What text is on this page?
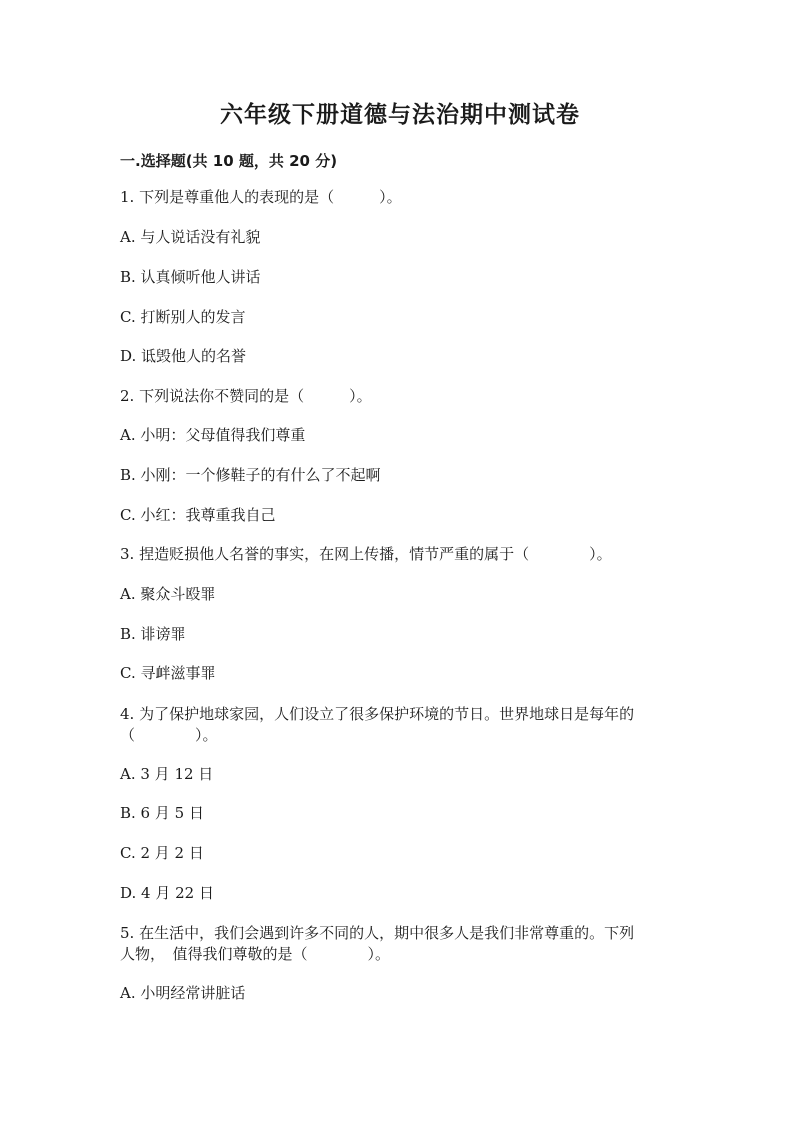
六年级下册道德与法治期中测试卷
一.选择题(共 10 题，共 20 分)
1. 下列是尊重他人的表现的是（　　　）。
A. 与人说话没有礼貌
B. 认真倾听他人讲话
C. 打断别人的发言
D. 诋毁他人的名誉
2. 下列说法你不赞同的是（　　　）。
A. 小明：父母值得我们尊重
B. 小刚：一个修鞋子的有什么了不起啊
C. 小红：我尊重我自己
3. 捏造贬损他人名誉的事实，在网上传播，情节严重的属于（　　　　）。
A. 聚众斗殴罪
B. 诽谤罪
C. 寻衅滋事罪
4. 为了保护地球家园，人们设立了很多保护环境的节日。世界地球日是每年的
（　　　　）。
A. 3 月 12 日
B. 6 月 5 日
C. 2 月 2 日
D. 4 月 22 日
5. 在生活中，我们会遇到许多不同的人，期中很多人是我们非常尊重的。下列
人物，　值得我们尊敬的是（　　　　）。
A. 小明经常讲脏话
